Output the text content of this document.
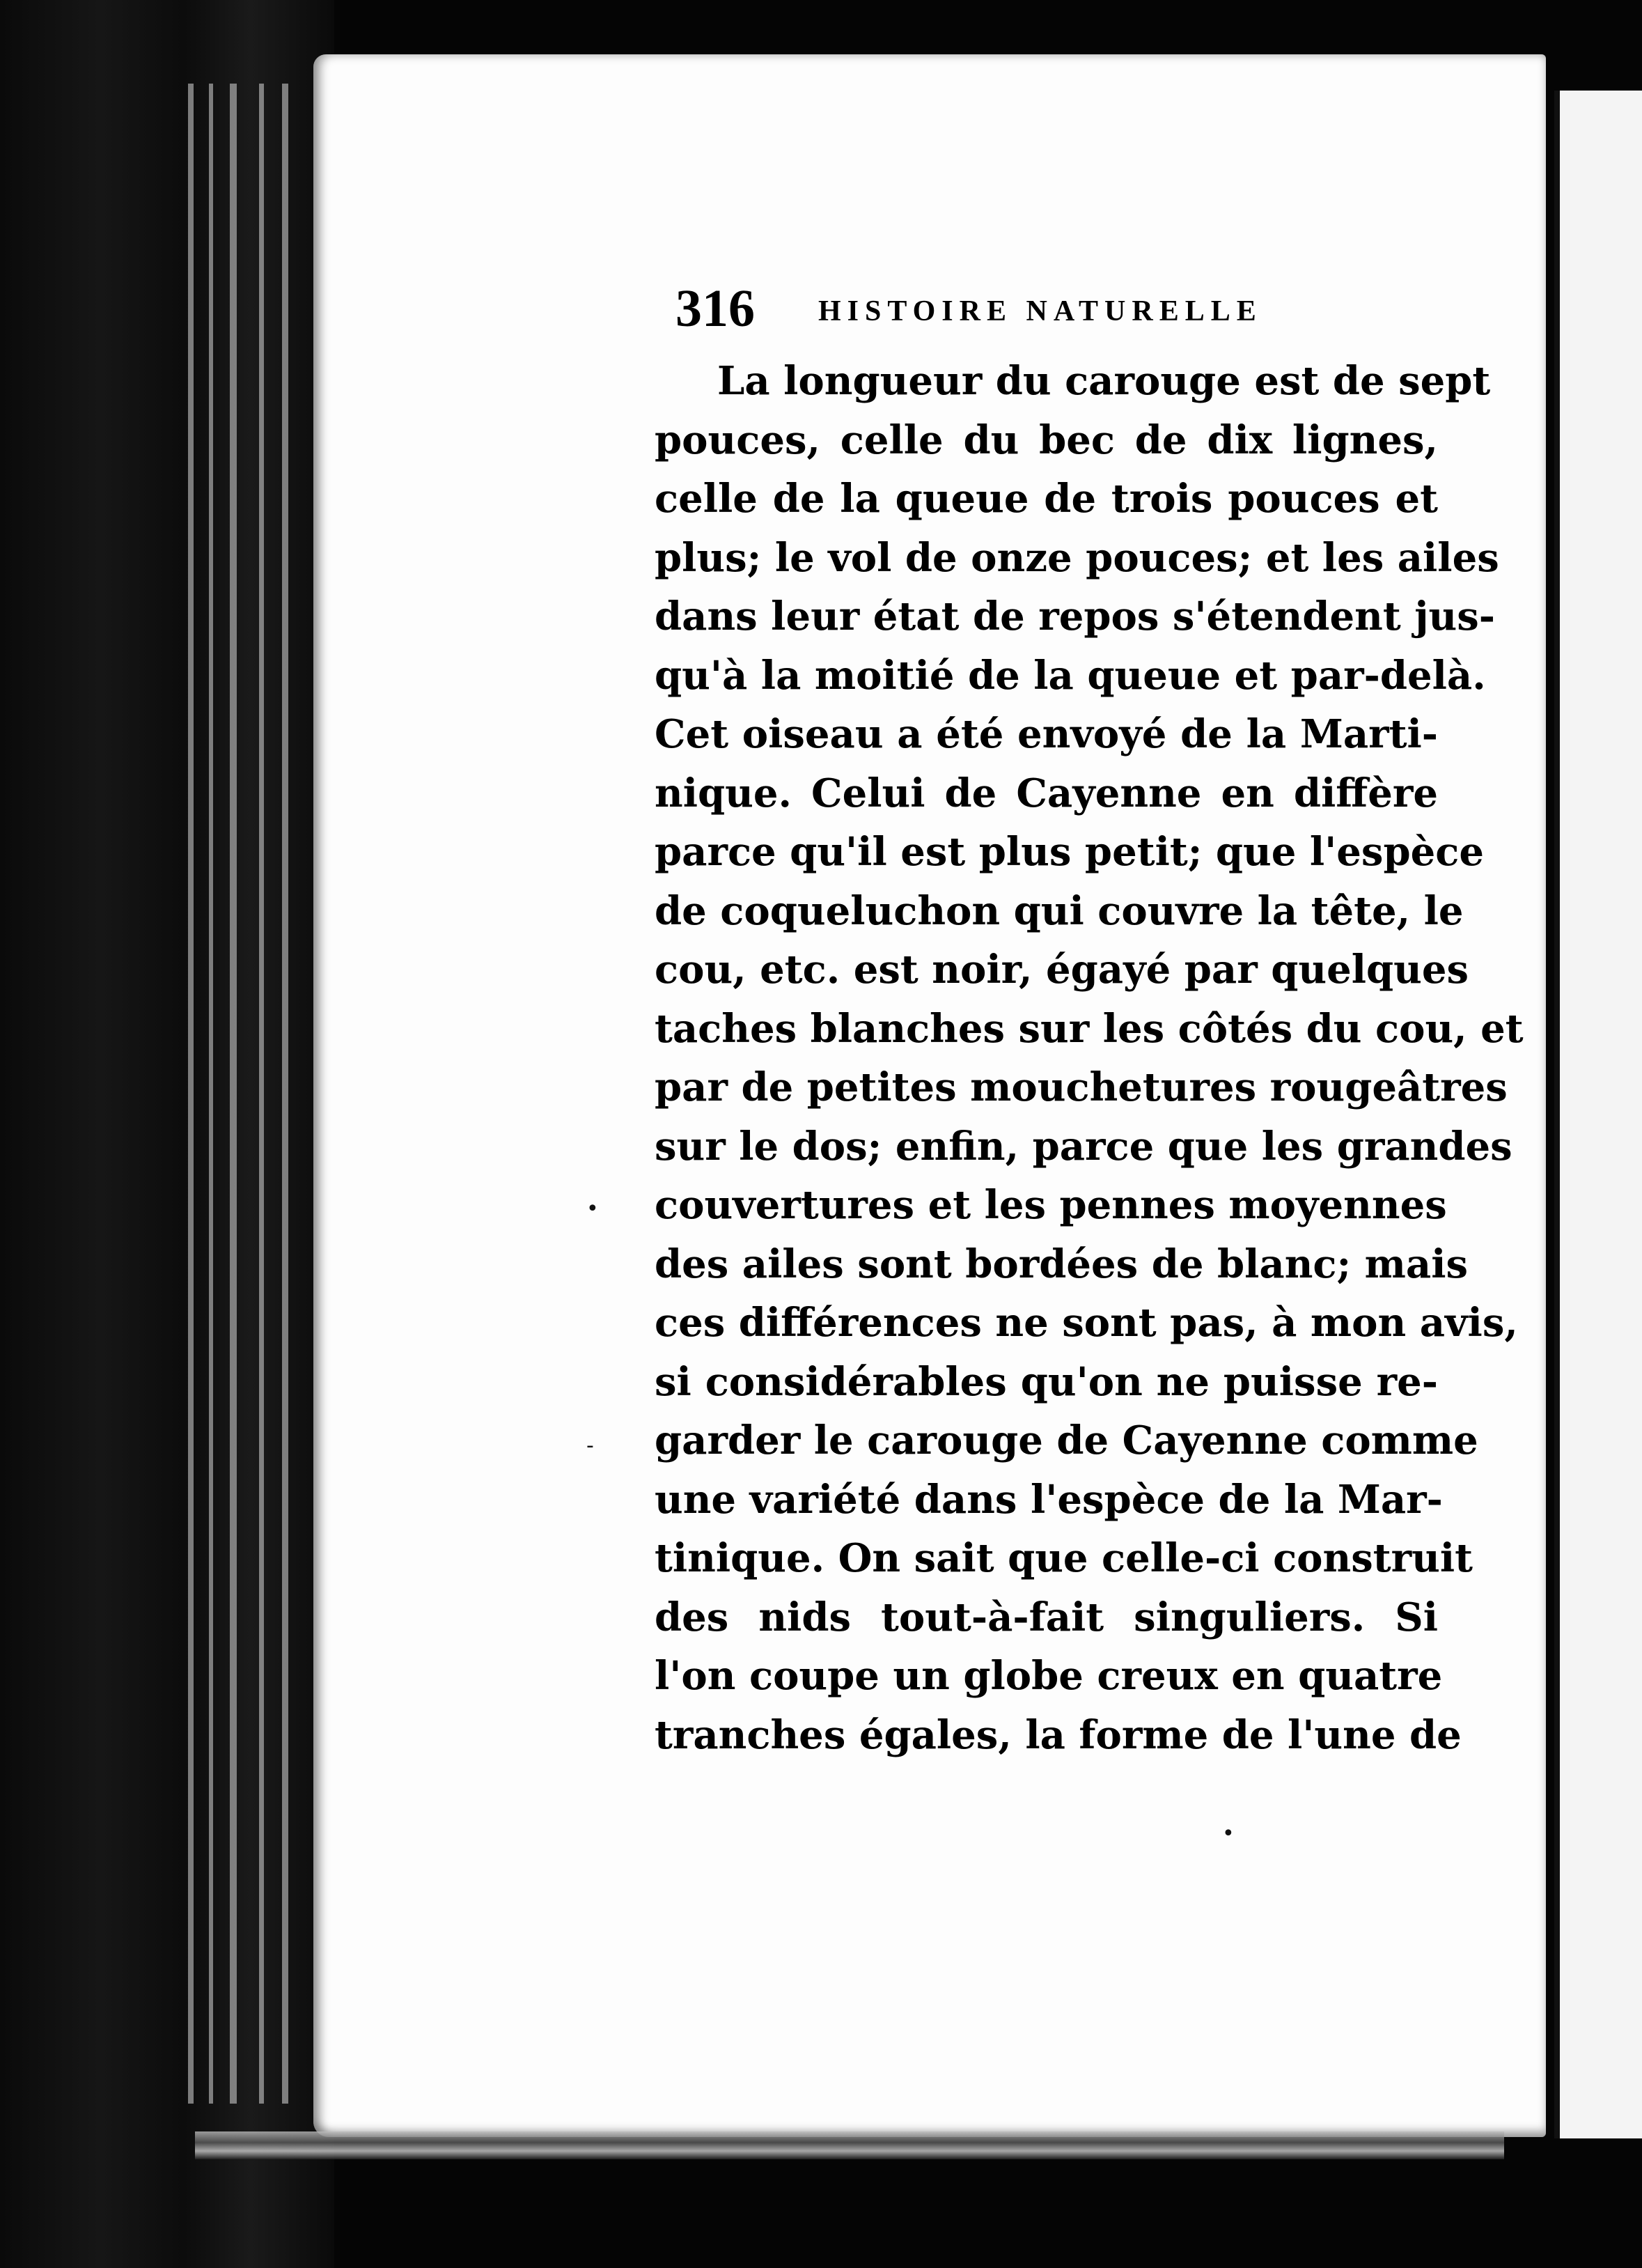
•
-
•
316 HISTOIRE NATURELLE
La longueur du carouge est de sept
pouces, celle du bec de dix lignes,
celle de la queue de trois pouces et
plus; le vol de onze pouces; et les ailes
dans leur état de repos s'étendent jus-
qu'à la moitié de la queue et par-delà.
Cet oiseau a été envoyé de la Marti-
nique. Celui de Cayenne en diffère
parce qu'il est plus petit; que l'espèce
de coqueluchon qui couvre la tête, le
cou, etc. est noir, égayé par quelques
taches blanches sur les côtés du cou, et
par de petites mouchetures rougeâtres
sur le dos; enfin, parce que les grandes
couvertures et les pennes moyennes
des ailes sont bordées de blanc; mais
ces différences ne sont pas, à mon avis,
si considérables qu'on ne puisse re-
garder le carouge de Cayenne comme
une variété dans l'espèce de la Mar-
tinique. On sait que celle-ci construit
des nids tout-à-fait singuliers. Si
l'on coupe un globe creux en quatre
tranches égales, la forme de l'une de
